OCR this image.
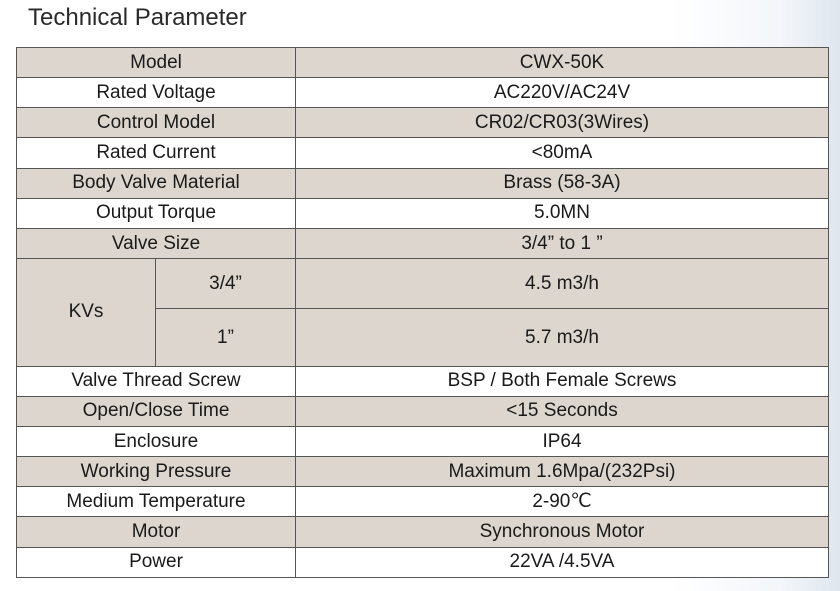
Technical Parameter
Model		CWX-50K
Rated Voltage		AC220V/AC24V
Control Model		CR02/CR03(3Wires)
Rated Current		<80mA
Body Valve Material		Brass (58-3A)
Output Torque		5.0MN
Valve Size		3/4” to 1 ”
KVs	3/4”	4.5 m3/h
	1”	5.7 m3/h
Valve Thread Screw		BSP / Both Female Screws
Open/Close Time		<15 Seconds
Enclosure		IP64
Working Pressure		Maximum 1.6Mpa/(232Psi)
Medium Temperature		2-90℃
Motor		Synchronous Motor
Power		22VA /4.5VA
